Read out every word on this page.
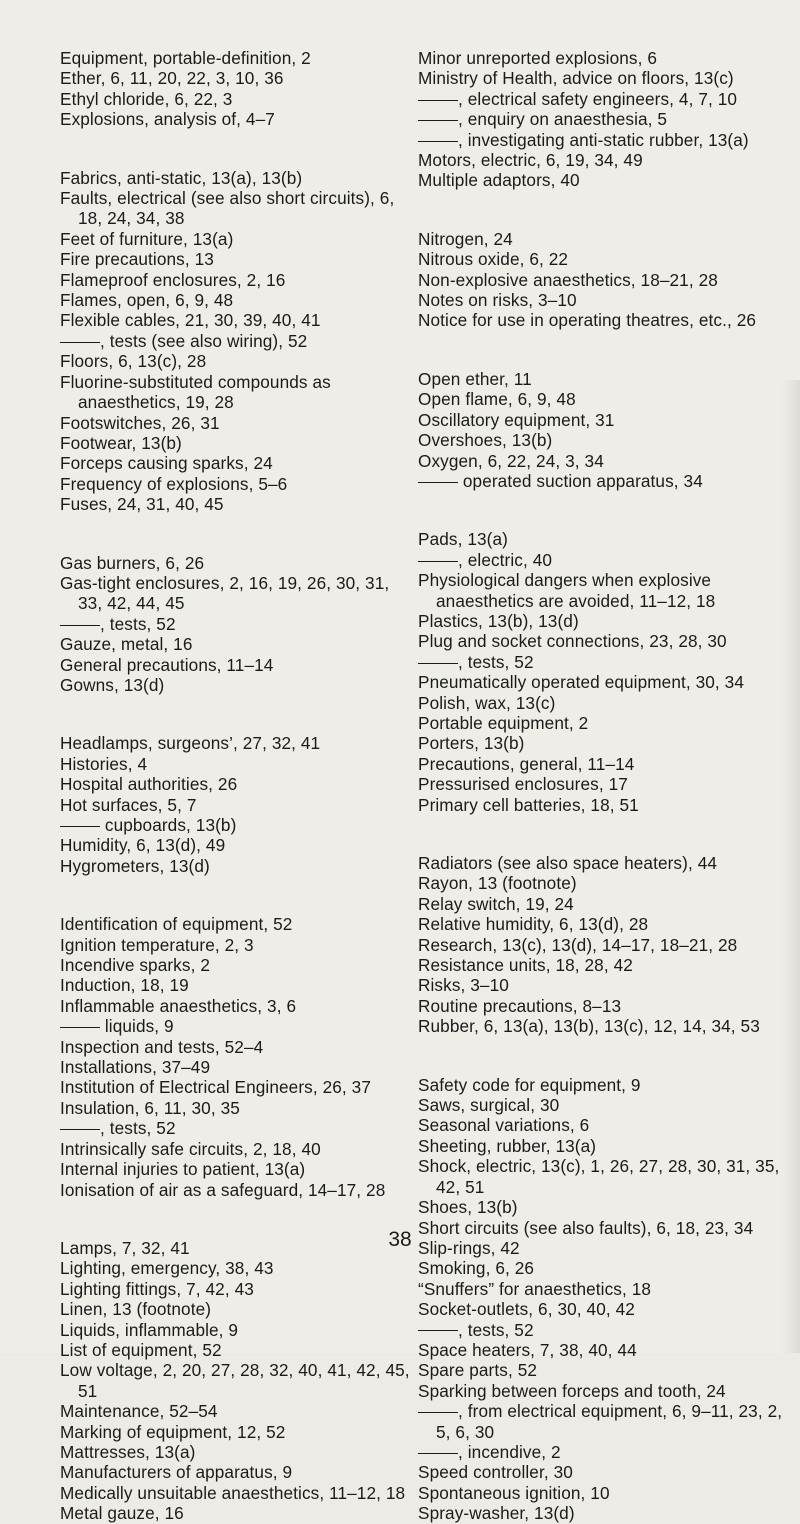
Equipment, portable-definition, 2

Ether, 6, 11, 20, 22, 3, 10, 36

Ethyl chloride, 6, 22, 3

Explosions, analysis of, 4–7

Fabrics, anti-static, 13(a), 13(b)

Faults, electrical (see also short circuits), 6, 18, 24, 34, 38

Feet of furniture, 13(a)

Fire precautions, 13

Flameproof enclosures, 2, 16

Flames, open, 6, 9, 48

Flexible cables, 21, 30, 39, 40, 41

, tests (see also wiring), 52

Floors, 6, 13(c), 28

Fluorine-substituted compounds as anaesthetics, 19, 28

Footswitches, 26, 31

Footwear, 13(b)

Forceps causing sparks, 24

Frequency of explosions, 5–6

Fuses, 24, 31, 40, 45

Gas burners, 6, 26

Gas-tight enclosures, 2, 16, 19, 26, 30, 31, 33, 42, 44, 45

, tests, 52

Gauze, metal, 16

General precautions, 11–14

Gowns, 13(d)

Headlamps, surgeons’, 27, 32, 41

Histories, 4

Hospital authorities, 26

Hot surfaces, 5, 7

cupboards, 13(b)

Humidity, 6, 13(d), 49

Hygrometers, 13(d)

Identification of equipment, 52

Ignition temperature, 2, 3

Incendive sparks, 2

Induction, 18, 19

Inflammable anaesthetics, 3, 6

liquids, 9

Inspection and tests, 52–4

Installations, 37–49

Institution of Electrical Engineers, 26, 37

Insulation, 6, 11, 30, 35

, tests, 52

Intrinsically safe circuits, 2, 18, 40

Internal injuries to patient, 13(a)

Ionisation of air as a safeguard, 14–17, 28

Lamps, 7, 32, 41

Lighting, emergency, 38, 43

Lighting fittings, 7, 42, 43

Linen, 13 (footnote)

Liquids, inflammable, 9

List of equipment, 52

Low voltage, 2, 20, 27, 28, 32, 40, 41, 42, 45, 51

Maintenance, 52–54

Marking of equipment, 12, 52

Mattresses, 13(a)

Manufacturers of apparatus, 9

Medically unsuitable anaesthetics, 11–12, 18

Metal gauze, 16

Minor unreported explosions, 6

Ministry of Health, advice on floors, 13(c)

, electrical safety engineers, 4, 7, 10

, enquiry on anaesthesia, 5

, investigating anti-static rubber, 13(a)

Motors, electric, 6, 19, 34, 49

Multiple adaptors, 40

Nitrogen, 24

Nitrous oxide, 6, 22

Non-explosive anaesthetics, 18–21, 28

Notes on risks, 3–10

Notice for use in operating theatres, etc., 26

Open ether, 11

Open flame, 6, 9, 48

Oscillatory equipment, 31

Overshoes, 13(b)

Oxygen, 6, 22, 24, 3, 34

operated suction apparatus, 34

Pads, 13(a)

, electric, 40

Physiological dangers when explosive anaesthetics are avoided, 11–12, 18

Plastics, 13(b), 13(d)

Plug and socket connections, 23, 28, 30

, tests, 52

Pneumatically operated equipment, 30, 34

Polish, wax, 13(c)

Portable equipment, 2

Porters, 13(b)

Precautions, general, 11–14

Pressurised enclosures, 17

Primary cell batteries, 18, 51

Radiators (see also space heaters), 44

Rayon, 13 (footnote)

Relay switch, 19, 24

Relative humidity, 6, 13(d), 28

Research, 13(c), 13(d), 14–17, 18–21, 28

Resistance units, 18, 28, 42

Risks, 3–10

Routine precautions, 8–13

Rubber, 6, 13(a), 13(b), 13(c), 12, 14, 34, 53

Safety code for equipment, 9

Saws, surgical, 30

Seasonal variations, 6

Sheeting, rubber, 13(a)

Shock, electric, 13(c), 1, 26, 27, 28, 30, 31, 35, 42, 51

Shoes, 13(b)

Short circuits (see also faults), 6, 18, 23, 34

Slip-rings, 42

Smoking, 6, 26

“Snuffers” for anaesthetics, 18

Socket-outlets, 6, 30, 40, 42

, tests, 52

Space heaters, 7, 38, 40, 44

Spare parts, 52

Sparking between forceps and tooth, 24

, from electrical equipment, 6, 9–11, 23, 2, 5, 6, 30

, incendive, 2

Speed controller, 30

Spontaneous ignition, 10

Spray-washer, 13(d)

38
